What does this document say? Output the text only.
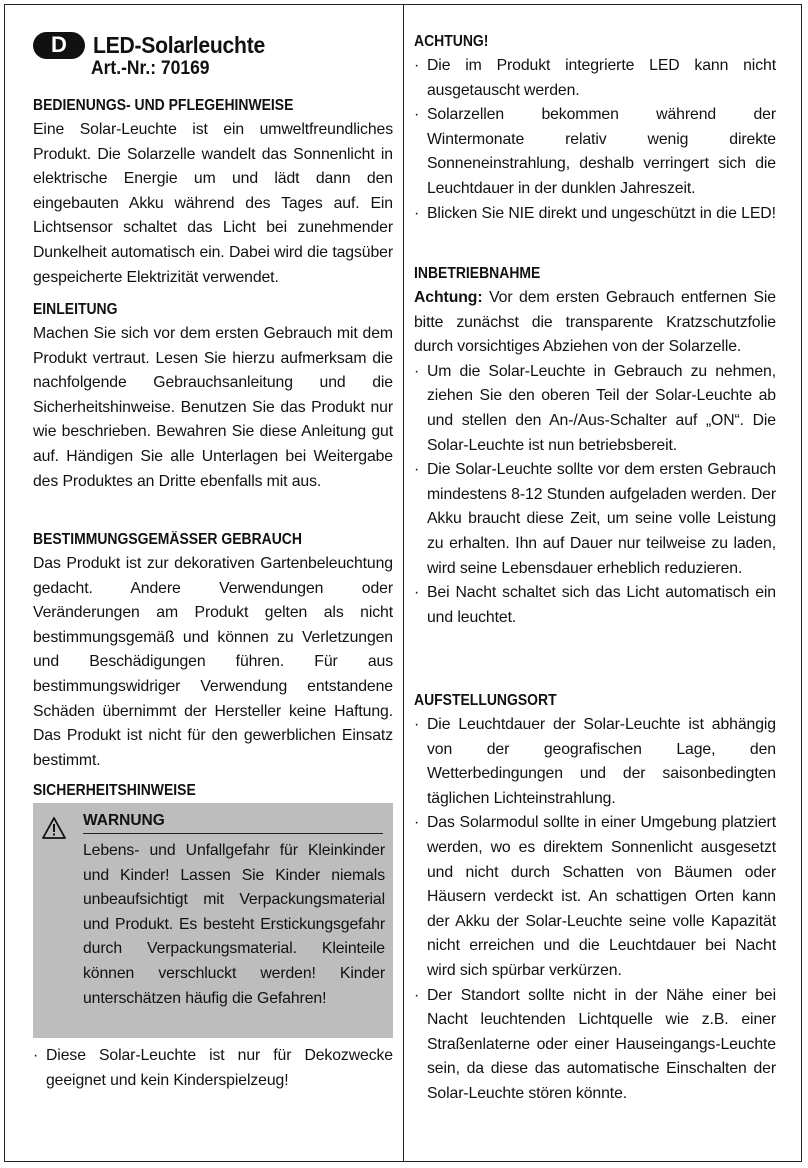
D	LED-Solarleuchte
Art.-Nr.: 70169
BEDIENUNGS- UND PFLEGEHINWEISE

Eine Solar-Leuchte ist ein umweltfreundliches Produkt. Die Solarzelle wandelt das Sonnenlicht in elektrische Energie um und lädt dann den eingebauten Akku während des Tages auf. Ein Lichtsensor schaltet das Licht bei zunehmender Dunkelheit automatisch ein. Dabei wird die tagsüber gespeicherte Elektrizität verwendet.

EINLEITUNG

Machen Sie sich vor dem ersten Gebrauch mit dem Produkt vertraut. Lesen Sie hierzu aufmerksam die nachfolgende Gebrauchsanleitung und die Sicherheitshinweise. Benutzen Sie das Produkt nur wie beschrieben. Bewahren Sie diese Anleitung gut auf. Händigen Sie alle Unterlagen bei Weitergabe des Produktes an Dritte ebenfalls mit aus.

BESTIMMUNGSGEMÄSSER GEBRAUCH

Das Produkt ist zur dekorativen Gartenbeleuchtung gedacht. Andere Verwendungen oder Veränderungen am Produkt gelten als nicht bestimmungsgemäß und können zu Verletzungen und Beschädigungen führen. Für aus bestimmungswidriger Verwendung entstandene Schäden übernimmt der Hersteller keine Haftung. Das Produkt ist nicht für den gewerblichen Einsatz bestimmt.

SICHERHEITSHINWEISE
WARNUNG
Lebens- und Unfallgefahr für Kleinkinder und Kinder! Lassen Sie Kinder niemals unbeaufsichtigt mit Verpackungsmaterial und Produkt. Es besteht Erstickungsgefahr durch Verpackungsmaterial. Kleinteile können verschluckt werden! Kinder unterschätzen häufig die Gefahren!
· Diese Solar-Leuchte ist nur für Dekozwecke geeignet und kein Kinderspielzeug!
ACHTUNG!
· Die im Produkt integrierte LED kann nicht ausgetauscht werden.
· Solarzellen bekommen während der Wintermonate relativ wenig direkte Sonneneinstrahlung, deshalb verringert sich die Leuchtdauer in der dunklen Jahreszeit.
· Blicken Sie NIE direkt und ungeschützt in die LED!
INBETRIEBNAHME

Achtung: Vor dem ersten Gebrauch entfernen Sie bitte zunächst die transparente Kratzschutzfolie durch vorsichtiges Abziehen von der Solarzelle.

· Um die Solar-Leuchte in Gebrauch zu nehmen, ziehen Sie den oberen Teil der Solar-Leuchte ab und stellen den An-/Aus-Schalter auf „ON“. Die Solar-Leuchte ist nun betriebsbereit.
· Die Solar-Leuchte sollte vor dem ersten Gebrauch mindestens 8-12 Stunden aufgeladen werden. Der Akku braucht diese Zeit, um seine volle Leistung zu erhalten. Ihn auf Dauer nur teilweise zu laden, wird seine Lebensdauer erheblich reduzieren.
· Bei Nacht schaltet sich das Licht automatisch ein und leuchtet.
AUFSTELLUNGSORT
· Die Leuchtdauer der Solar-Leuchte ist abhängig von der geografischen Lage, den Wetterbedingungen und der saisonbedingten täglichen Lichteinstrahlung.
· Das Solarmodul sollte in einer Umgebung platziert werden, wo es direktem Sonnenlicht ausgesetzt und nicht durch Schatten von Bäumen oder Häusern verdeckt ist. An schattigen Orten kann der Akku der Solar-Leuchte seine volle Kapazität nicht erreichen und die Leuchtdauer bei Nacht wird sich spürbar verkürzen.
· Der Standort sollte nicht in der Nähe einer bei Nacht leuchtenden Lichtquelle wie z.B. einer Straßenlaterne oder einer Hauseingangs-Leuchte sein, da diese das automatische Einschalten der Solar-Leuchte stören könnte.
